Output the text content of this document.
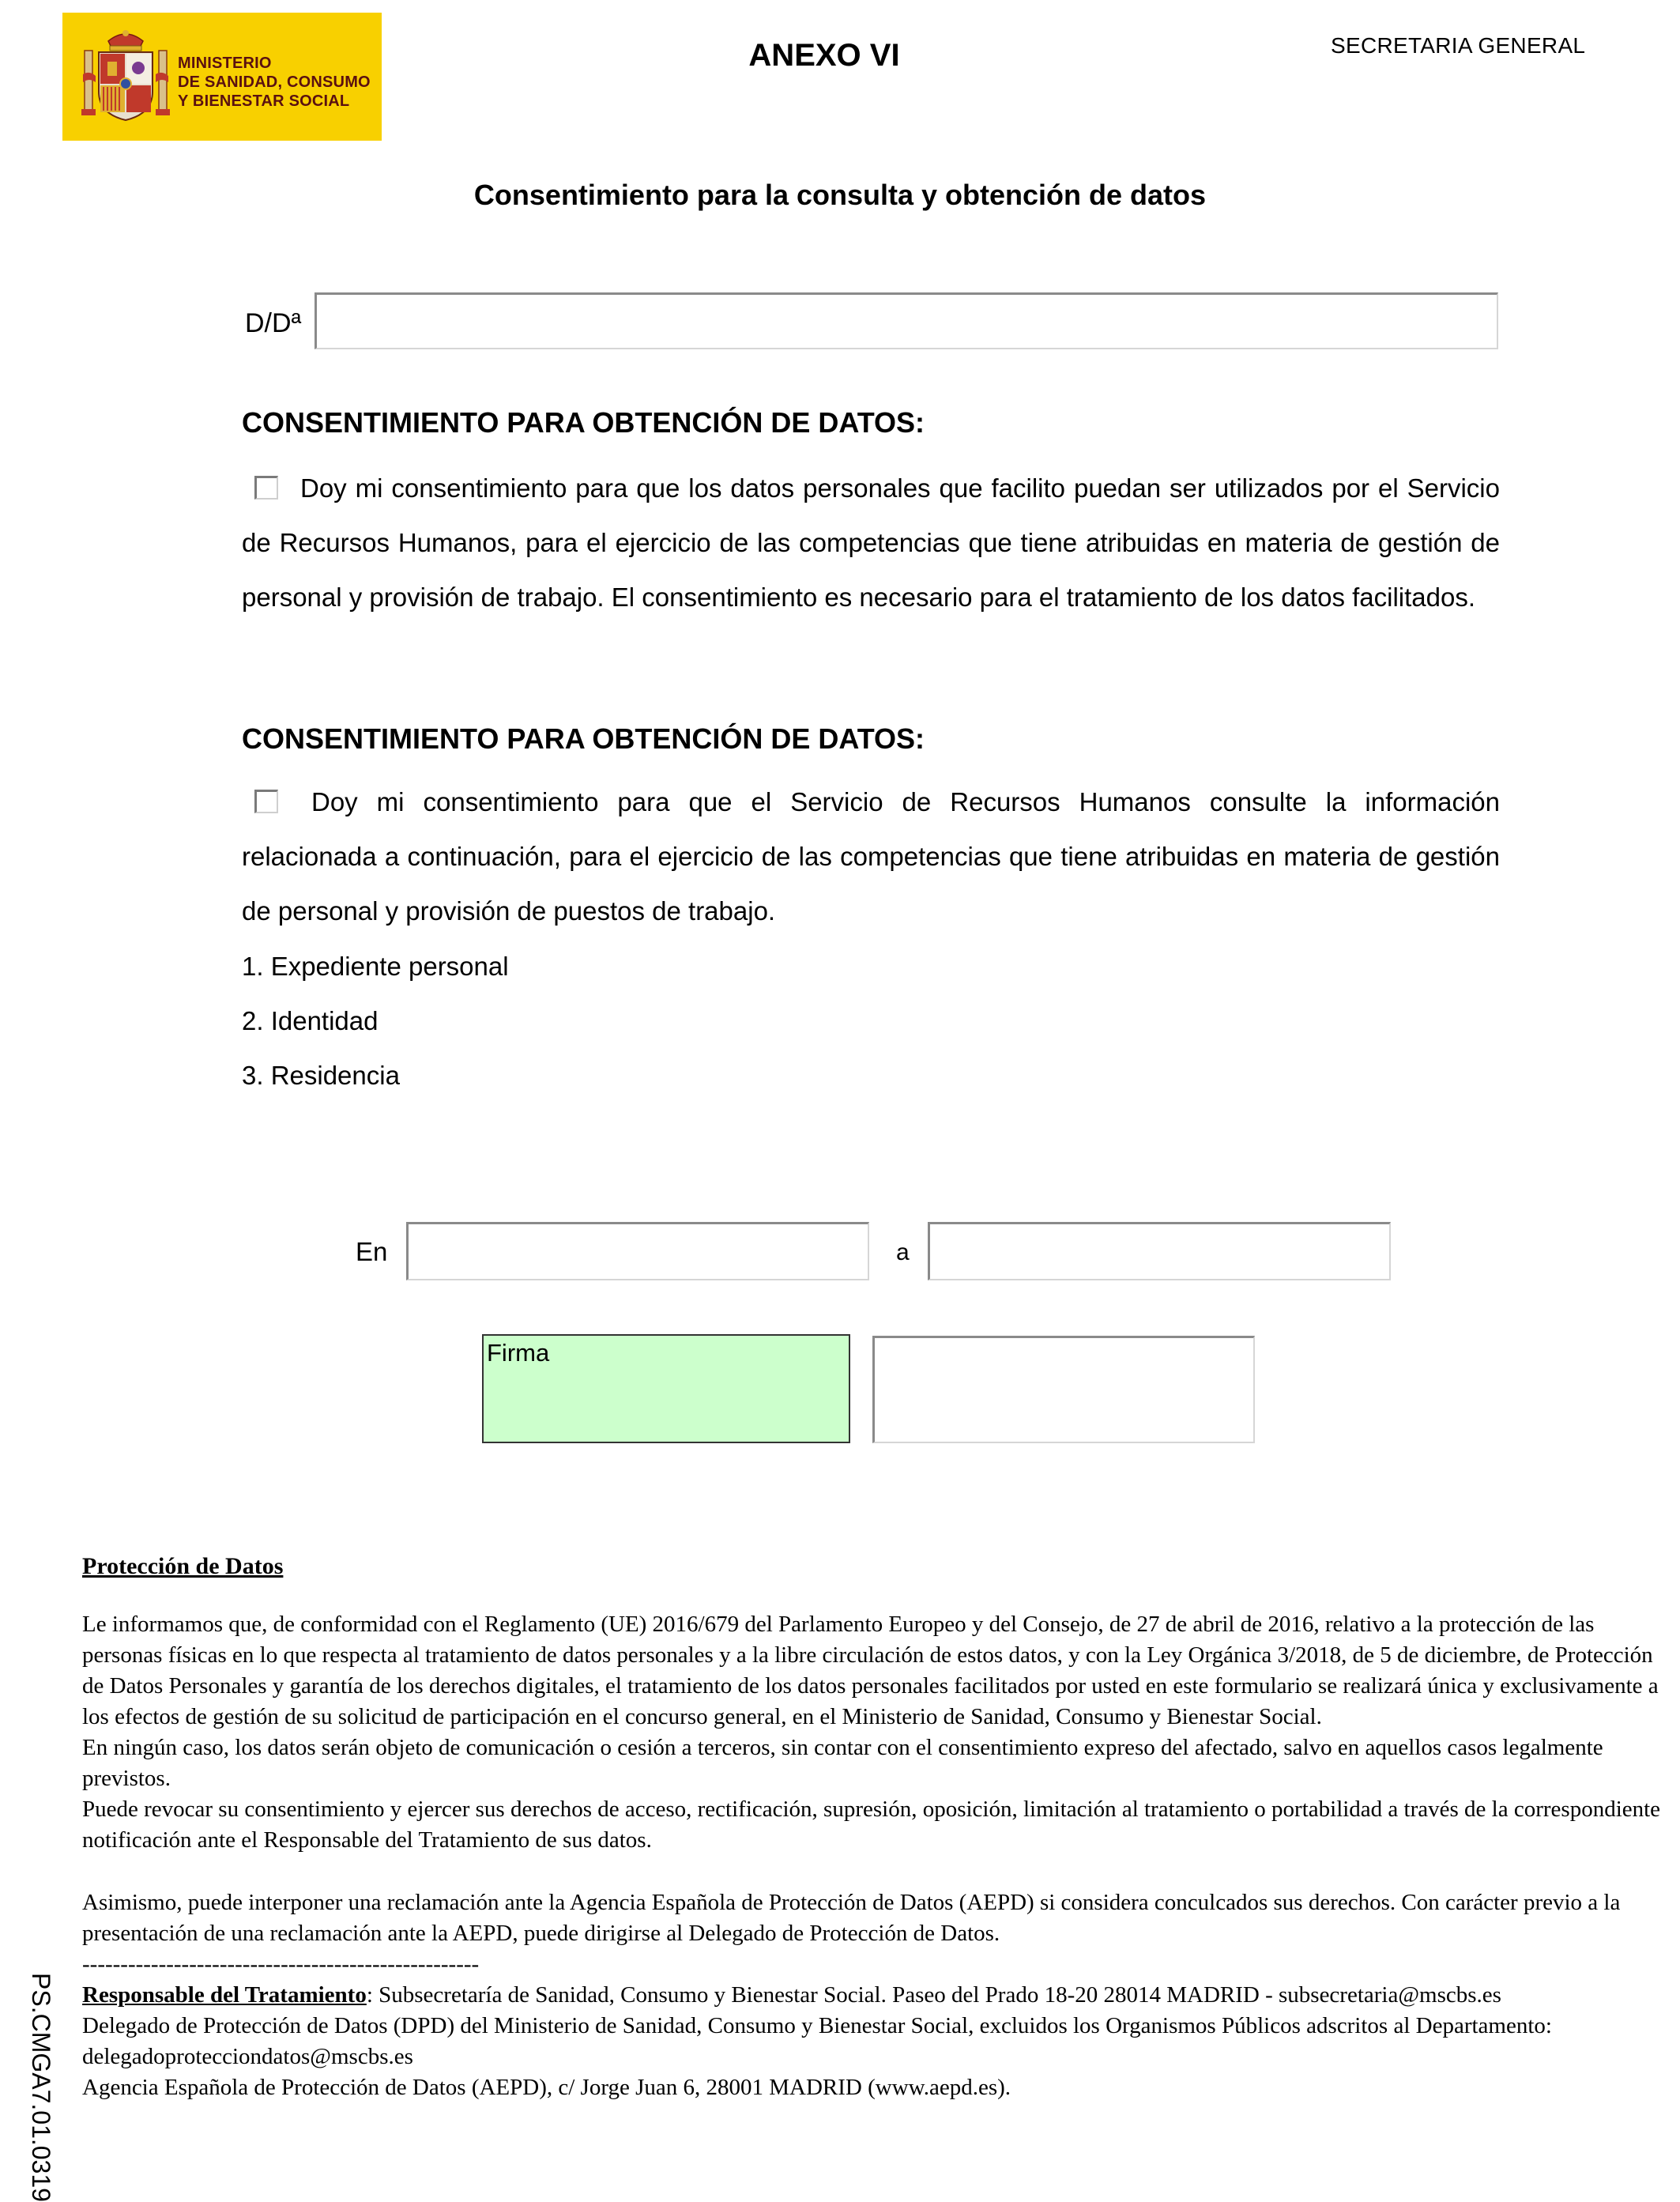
MINISTERIO
DE SANIDAD, CONSUMO
Y BIENESTAR SOCIAL
ANEXO VI	SECRETARIA GENERAL
Consentimiento para la consulta y obtención de datos
D/Dª
CONSENTIMIENTO PARA OBTENCIÓN DE DATOS:
Doy mi consentimiento para que los datos personales que facilito puedan ser utilizados por el Servicio de Recursos Humanos, para el ejercicio de las competencias que tiene atribuidas en materia de gestión de personal y provisión de trabajo. El consentimiento es necesario para el tratamiento de los datos facilitados.
CONSENTIMIENTO PARA OBTENCIÓN DE DATOS:
Doy mi consentimiento para que el Servicio de Recursos Humanos consulte la información relacionada a continuación, para el ejercicio de las competencias que tiene atribuidas en materia de gestión de personal y provisión de puestos de trabajo.
1. Expediente personal
2. Identidad
3. Residencia
En	a
Firma
Protección de Datos

Le informamos que, de conformidad con el Reglamento (UE) 2016/679 del Parlamento Europeo y del Consejo, de 27 de abril de 2016, relativo a la protección de las personas físicas en lo que respecta al tratamiento de datos personales y a la libre circulación de estos datos, y con la Ley Orgánica 3/2018, de 5 de diciembre, de Protección de Datos Personales y garantía de los derechos digitales, el tratamiento de los datos personales facilitados por usted en este formulario se realizará única y exclusivamente a los efectos de gestión de su solicitud de participación en el concurso general, en el Ministerio de Sanidad, Consumo y Bienestar Social.

En ningún caso, los datos serán objeto de comunicación o cesión a terceros, sin contar con el consentimiento expreso del afectado, salvo en aquellos casos legalmente previstos.

Puede revocar su consentimiento y ejercer sus derechos de acceso, rectificación, supresión, oposición, limitación al tratamiento o portabilidad a través de la correspondiente notificación ante el Responsable del Tratamiento de sus datos.

Asimismo, puede interponer una reclamación ante la Agencia Española de Protección de Datos (AEPD) si considera conculcados sus derechos. Con carácter previo a la presentación de una reclamación ante la AEPD, puede dirigirse al Delegado de Protección de Datos.

----------------------------------------------------

Responsable del Tratamiento: Subsecretaría de Sanidad, Consumo y Bienestar Social. Paseo del Prado 18-20 28014 MADRID - subsecretaria@mscbs.es

Delegado de Protección de Datos (DPD) del Ministerio de Sanidad, Consumo y Bienestar Social, excluidos los Organismos Públicos adscritos al Departamento: delegadoprotecciondatos@mscbs.es

Agencia Española de Protección de Datos (AEPD), c/ Jorge Juan 6, 28001 MADRID (www.aepd.es).

PS.CMGA7.01.0319
